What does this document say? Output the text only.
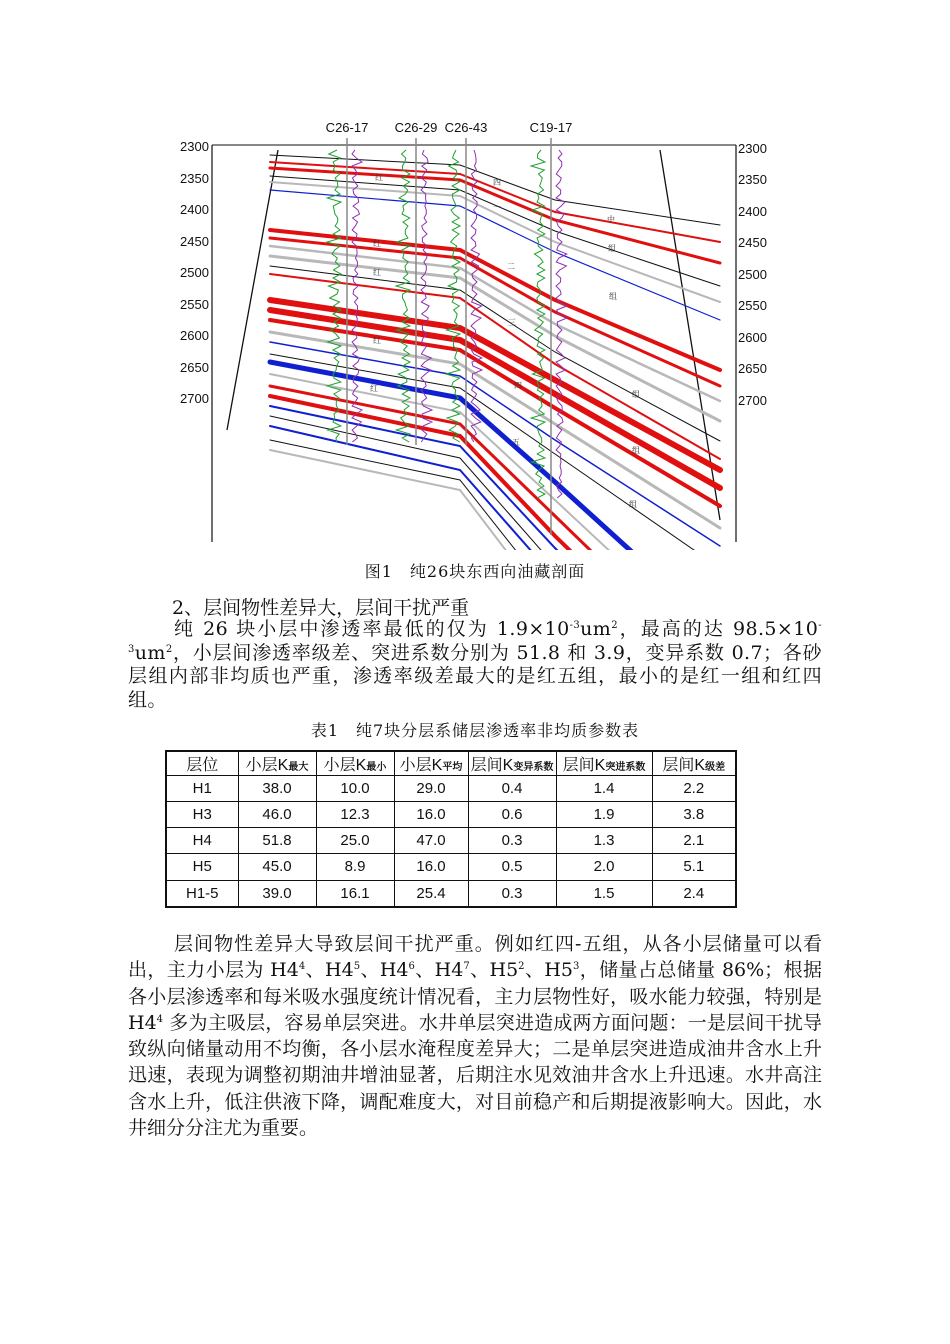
C26-17 C26-29 C26-43	C19-17
2300
2350
2400
2450
2500
2550
2600
2650
2700
2300
2350
2400
2450
2500
2550
2600
2650
2700
红
红
红
红
红
四
一
二
三
四
五
中
组
组
组
组
组
图1　纯26块东西向油藏剖面
2、层间物性差异大，层间干扰严重
纯 26 块小层中渗透率最低的仅为 $1.9\times 10^{-3}um^2$，最高的达 $98.5\times 10^{-3}um^2$，小层间渗透率级差、突进系数分别为 51.8 和 3.9，变异系数 0.7；各砂层组内部非均质也严重，渗透率级差最大的是红五组，最小的是红一组和红四组。
表1　纯7块分层系储层渗透率非均质参数表
层位	小层K最大	小层K最小	小层K平均	层间K变异系数	层间K突进系数	层间K级差
H1	38.0	10.0	29.0	0.4	1.4	2.2
H3	46.0	12.3	16.0	0.6	1.9	3.8
H4	51.8	25.0	47.0	0.3	1.3	2.1
H5	45.0	8.9	16.0	0.5	2.0	5.1
H1-5	39.0	16.1	25.4	0.3	1.5	2.4
层间物性差异大导致层间干扰严重。例如红四-五组，从各小层储量可以看出，主力小层为 $H4^4$、$H4^5$、$H4^6$、$H4^7$、$H5^2$、$H5^3$，储量占总储量 86%；根据各小层渗透率和每米吸水强度统计情况看，主力层物性好，吸水能力较强，特别是 $H4^4$ 多为主吸层，容易单层突进。水井单层突进造成两方面问题：一是层间干扰导致纵向储量动用不均衡，各小层水淹程度差异大；二是单层突进造成油井含水上升迅速，表现为调整初期油井增油显著，后期注水见效油井含水上升迅速。水井高注含水上升，低注供液下降，调配难度大，对目前稳产和后期提液影响大。因此，水井细分分注尤为重要。
